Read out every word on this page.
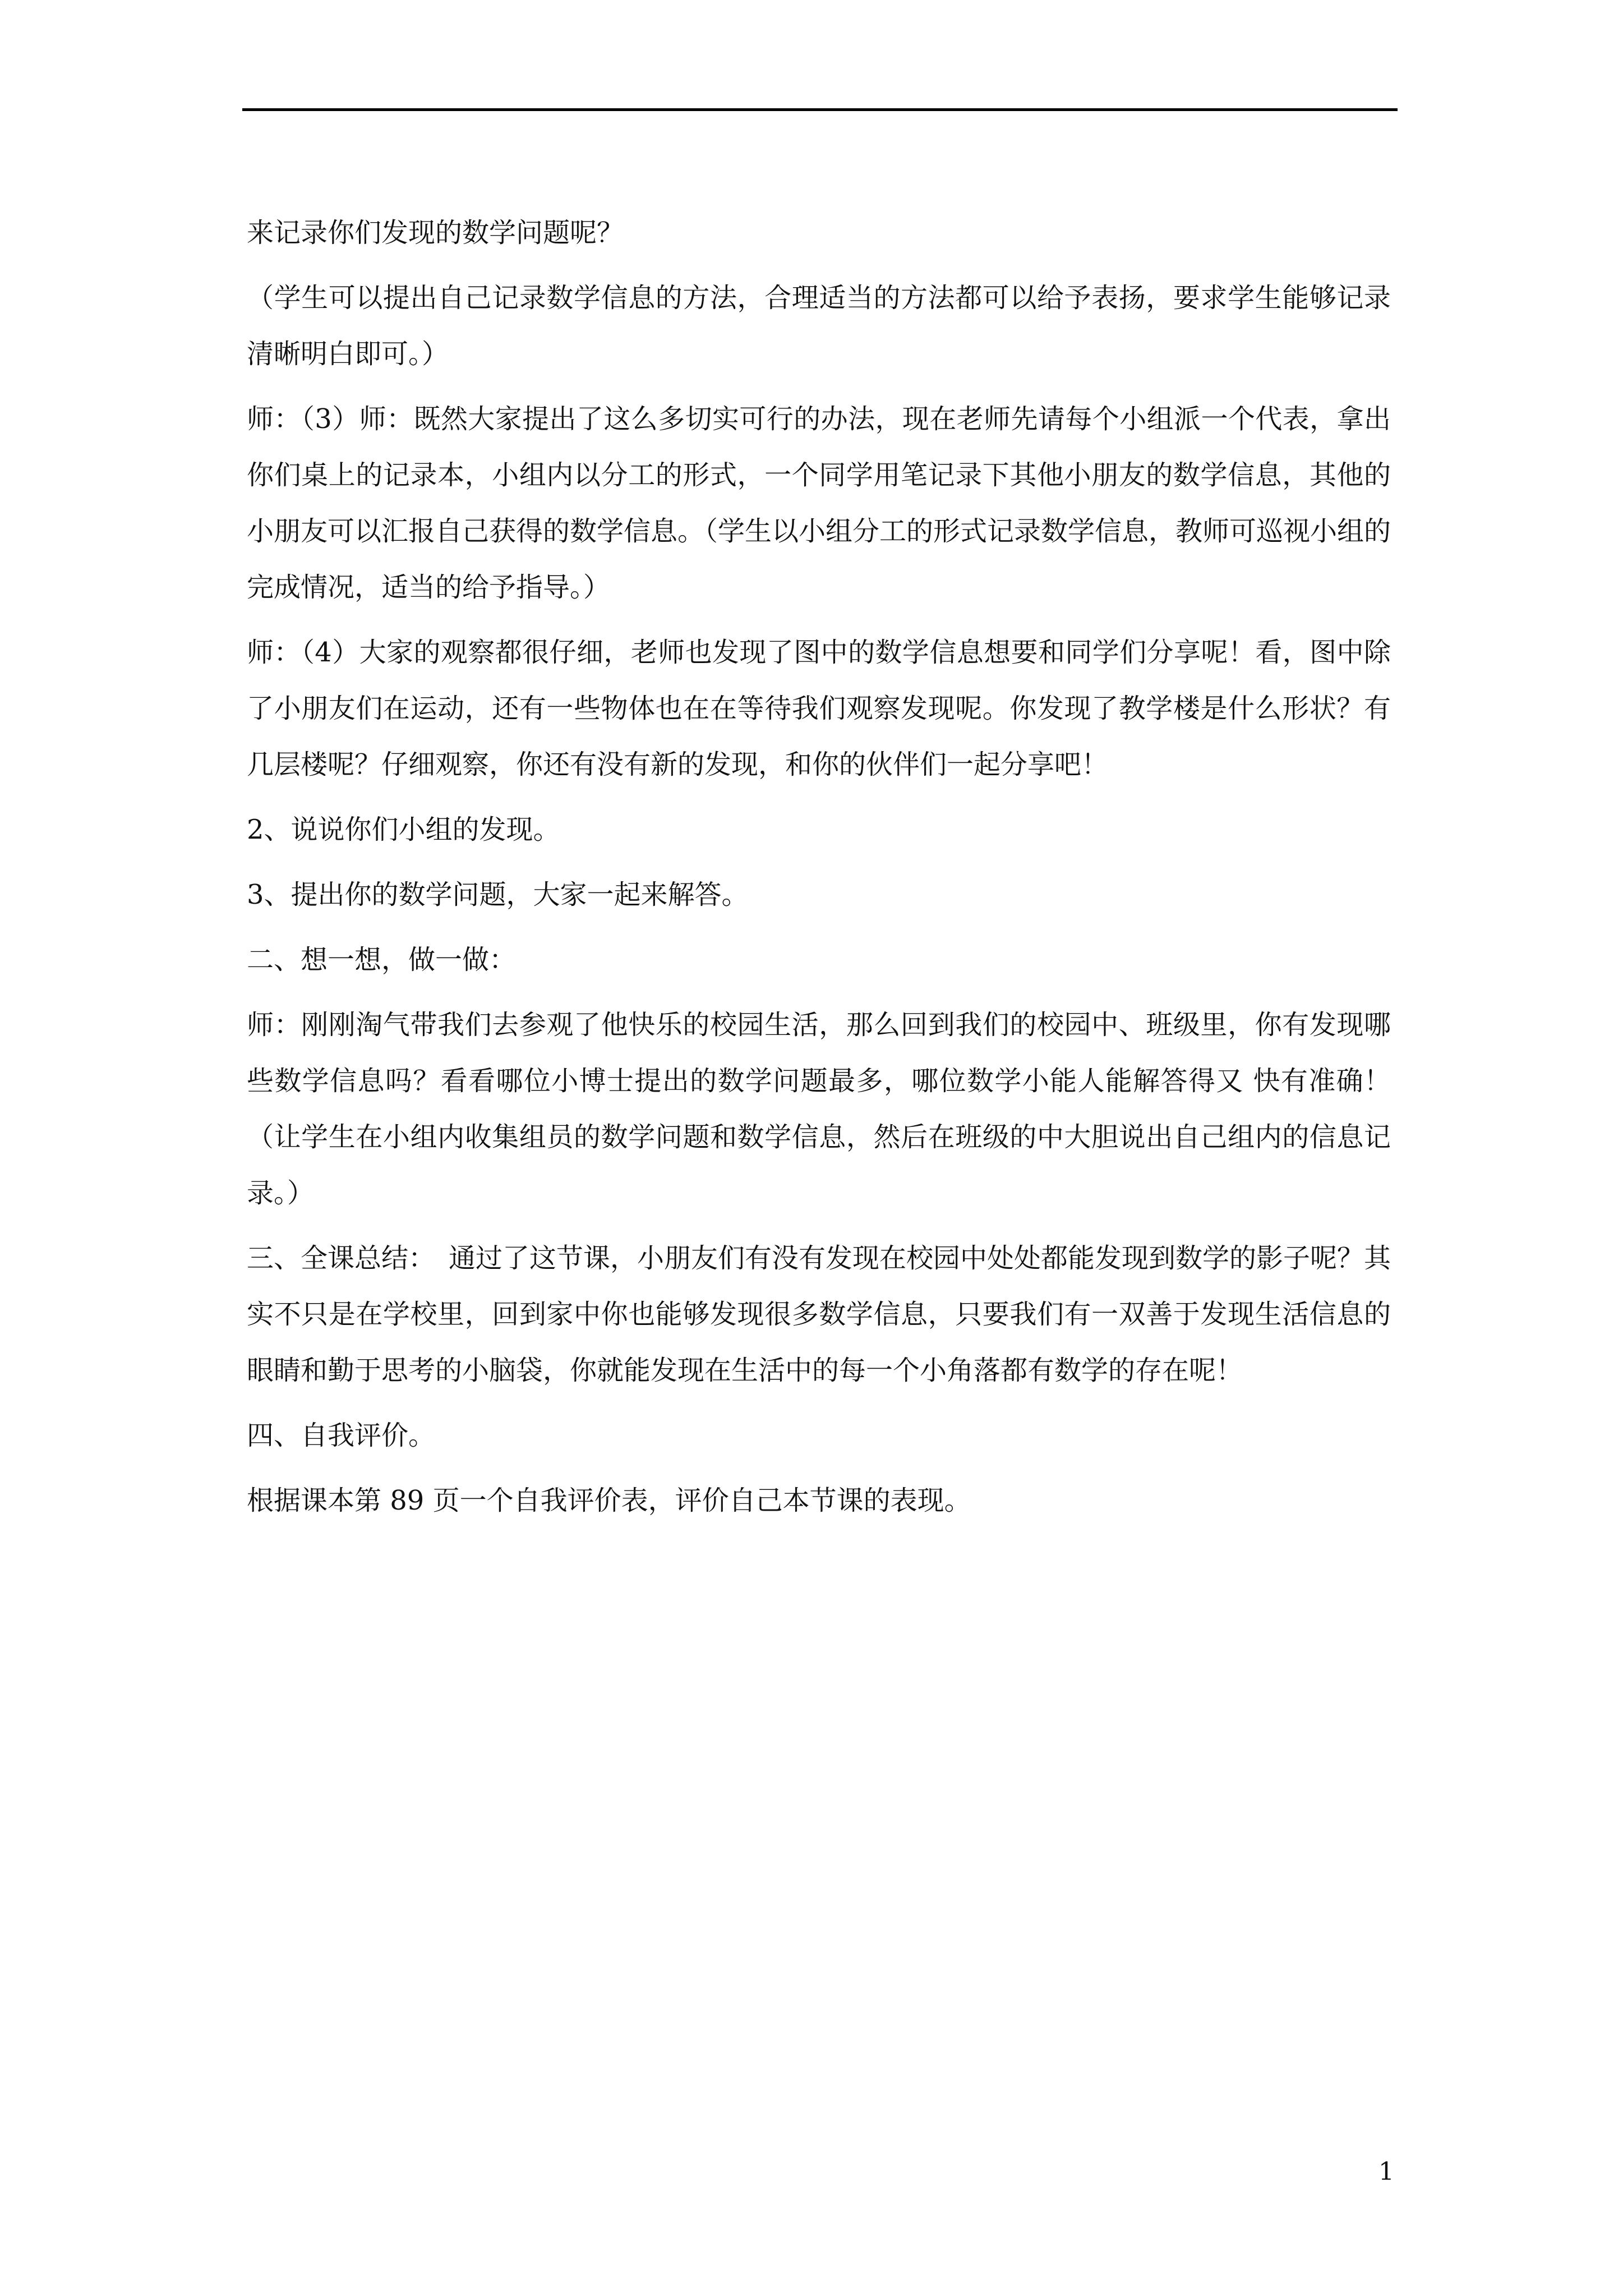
来记录你们发现的数学问题呢？

（学生可以提出自己记录数学信息的方法，合理适当的方法都可以给予表扬，要求学生能够记录清晰明白即可。）

师：（3）师：既然大家提出了这么多切实可行的办法，现在老师先请每个小组派一个代表，拿出你们桌上的记录本，小组内以分工的形式，一个同学用笔记录下其他小朋友的数学信息，其他的小朋友可以汇报自己获得的数学信息。（学生以小组分工的形式记录数学信息，教师可巡视小组的完成情况，适当的给予指导。）

师：（4）大家的观察都很仔细，老师也发现了图中的数学信息想要和同学们分享呢！看，图中除了小朋友们在运动，还有一些物体也在在等待我们观察发现呢。你发现了教学楼是什么形状？有几层楼呢？仔细观察，你还有没有新的发现，和你的伙伴们一起分享吧！

2、说说你们小组的发现。

3、提出你的数学问题，大家一起来解答。

二、想一想，做一做：

师：刚刚淘气带我们去参观了他快乐的校园生活，那么回到我们的校园中、班级里，你有发现哪些数学信息吗？看看哪位小博士提出的数学问题最多，哪位数学小能人能解答得又 快有准确！（让学生在小组内收集组员的数学问题和数学信息，然后在班级的中大胆说出自己组内的信息记录。）

三、全课总结：　通过了这节课，小朋友们有没有发现在校园中处处都能发现到数学的影子呢？其实不只是在学校里，回到家中你也能够发现很多数学信息，只要我们有一双善于发现生活信息的眼睛和勤于思考的小脑袋，你就能发现在生活中的每一个小角落都有数学的存在呢！

四、自我评价。

根据课本第 89 页一个自我评价表，评价自己本节课的表现。

1
